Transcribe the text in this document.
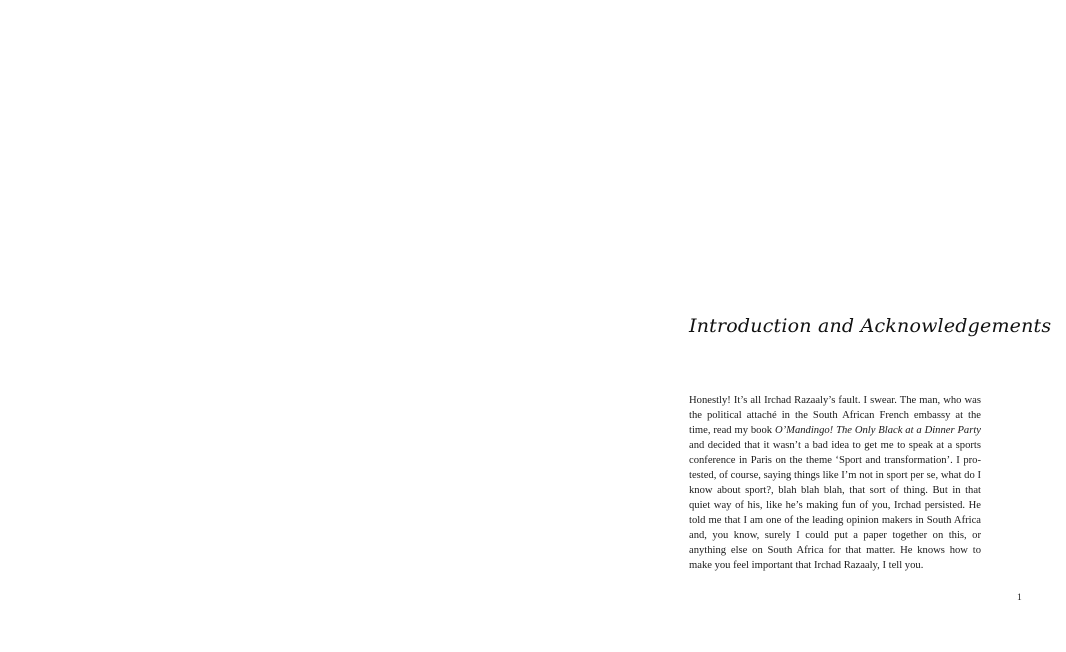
Introduction and Acknowledgements

Honestly! It’s all Irchad Razaaly’s fault. I swear. The man, who was the political attaché in the South African French embassy at the time, read my book O’Mandingo! The Only Black at a Dinner Party and decided that it wasn’t a bad idea to get me to speak at a sports conference in Paris on the theme ‘Sport and transformation’. I pro-tested, of course, saying things like I’m not in sport per se, what do I know about sport?, blah blah blah, that sort of thing. But in that quiet way of his, like he’s making fun of you, Irchad persisted. He told me that I am one of the leading opinion makers in South Africa and, you know, surely I could put a paper together on this, or anything else on South Africa for that matter. He knows how to make you feel important that Irchad Razaaly, I tell you.

1
